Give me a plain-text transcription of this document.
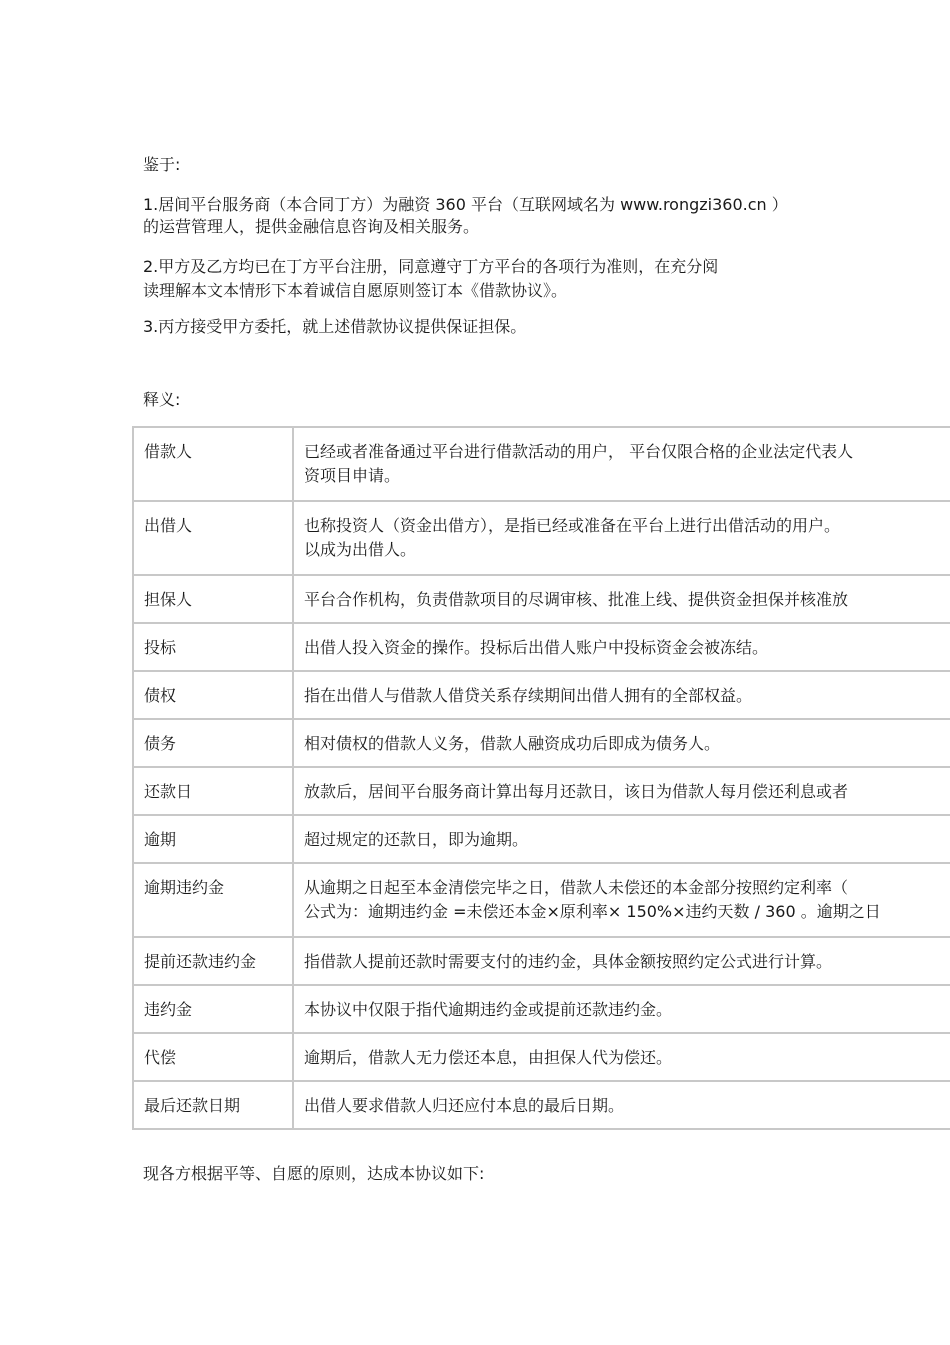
鉴于:
1.居间平台服务商（本合同丁方）为融资 360 平台（互联网域名为 www.rongzi360.cn ）
的运营管理人，提供金融信息咨询及相关服务。
2.甲方及乙方均已在丁方平台注册，同意遵守丁方平台的各项行为准则，在充分阅
读理解本文本情形下本着诚信自愿原则签订本《借款协议》。
3.丙方接受甲方委托，就上述借款协议提供保证担保。
释义:
借款人	已经或者准备通过平台进行借款活动的用户， 平台仅限合格的企业法定代表人
资项目申请。

出借人	也称投资人（资金出借方），是指已经或准备在平台上进行出借活动的用户。
以成为出借人。

担保人	平台合作机构，负责借款项目的尽调审核、批准上线、提供资金担保并核准放

投标	出借人投入资金的操作。投标后出借人账户中投标资金会被冻结。

债权	指在出借人与借款人借贷关系存续期间出借人拥有的全部权益。

债务	相对债权的借款人义务，借款人融资成功后即成为债务人。

还款日	放款后，居间平台服务商计算出每月还款日，该日为借款人每月偿还利息或者

逾期	超过规定的还款日，即为逾期。

逾期违约金	从逾期之日起至本金清偿完毕之日，借款人未偿还的本金部分按照约定利率（
公式为：逾期违约金 =未偿还本金×原利率× 150%×违约天数 / 360 。逾期之日

提前还款违约金	指借款人提前还款时需要支付的违约金，具体金额按照约定公式进行计算。

违约金	本协议中仅限于指代逾期违约金或提前还款违约金。

代偿	逾期后，借款人无力偿还本息，由担保人代为偿还。

最后还款日期	出借人要求借款人归还应付本息的最后日期。
现各方根据平等、自愿的原则，达成本协议如下:
